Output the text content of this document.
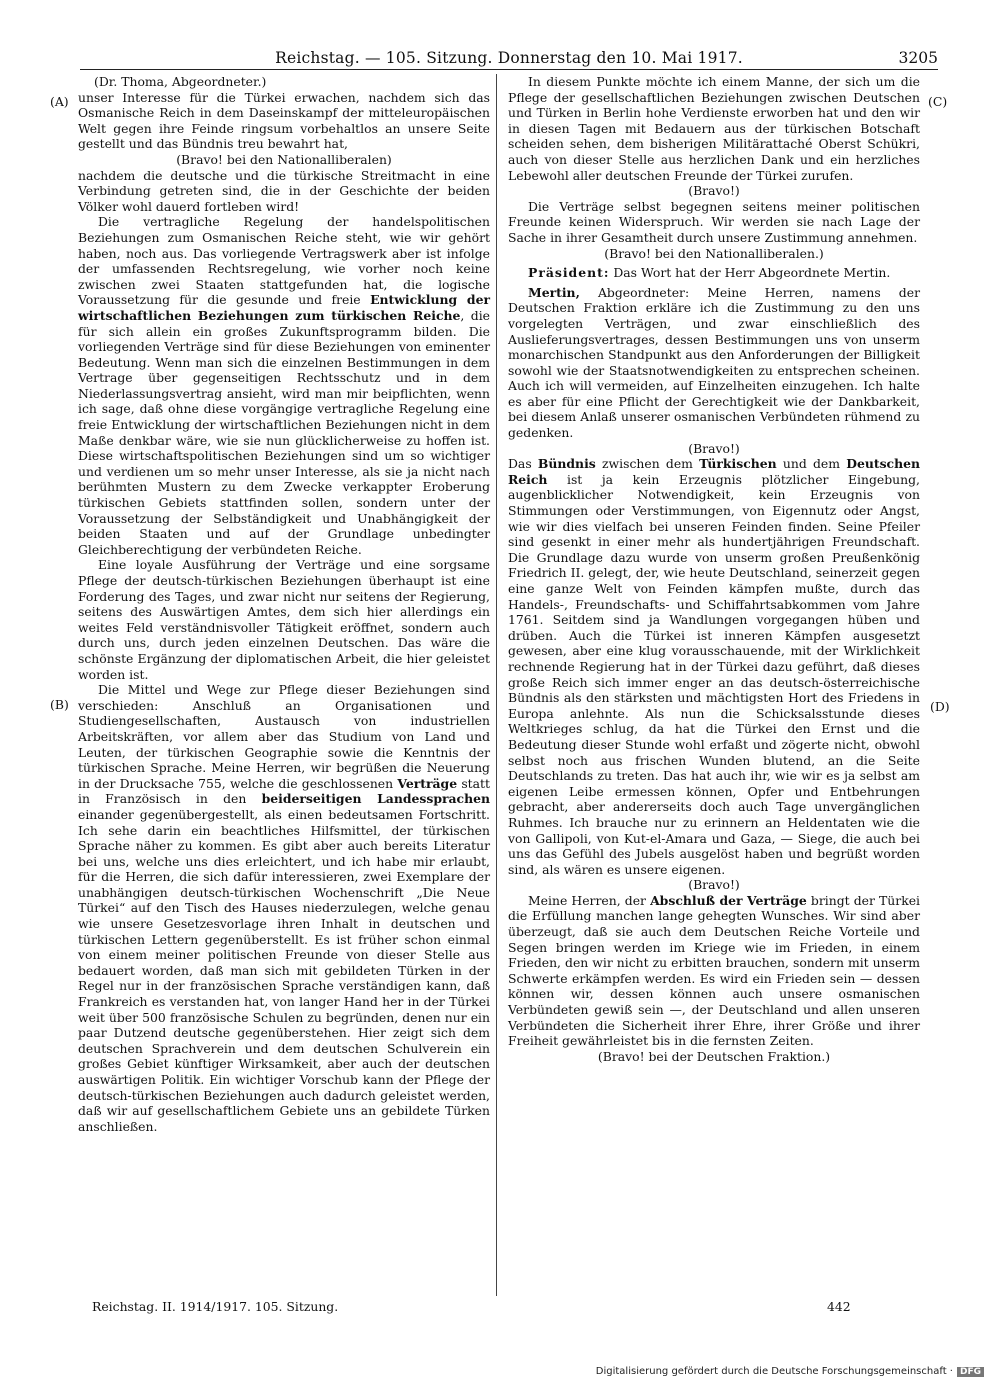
Reichstag. — 105. Sitzung. Donnerstag den 10. Mai 1917.	3205
(A)
(B)
(C)
(D)

(Dr. Thoma, Abgeordneter.)

unser Interesse für die Türkei erwachen, nachdem sich das Osmanische Reich in dem Daseinskampf der mitteleuropäischen Welt gegen ihre Feinde ringsum vorbehaltlos an unsere Seite gestellt und das Bündnis treu bewahrt hat,

(Bravo! bei den Nationalliberalen)

nachdem die deutsche und die türkische Streitmacht in eine Verbindung getreten sind, die in der Geschichte der beiden Völker wohl dauerd fortleben wird!

Die vertragliche Regelung der handelspolitischen Beziehungen zum Osmanischen Reiche steht, wie wir gehört haben, noch aus. Das vorliegende Vertragswerk aber ist infolge der umfassenden Rechtsregelung, wie vorher noch keine zwischen zwei Staaten stattgefunden hat, die logische Voraussetzung für die gesunde und freie Entwicklung der wirtschaftlichen Beziehungen zum türkischen Reiche, die für sich allein ein großes Zukunftsprogramm bilden. Die vorliegenden Verträge sind für diese Beziehungen von eminenter Bedeutung. Wenn man sich die einzelnen Bestimmungen in dem Vertrage über gegenseitigen Rechtsschutz und in dem Niederlassungsvertrag ansieht, wird man mir beipflichten, wenn ich sage, daß ohne diese vorgängige vertragliche Regelung eine freie Entwicklung der wirtschaftlichen Beziehungen nicht in dem Maße denkbar wäre, wie sie nun glücklicherweise zu hoffen ist. Diese wirtschaftspolitischen Beziehungen sind um so wichtiger und verdienen um so mehr unser Interesse, als sie ja nicht nach berühmten Mustern zu dem Zwecke verkappter Eroberung türkischen Gebiets stattfinden sollen, sondern unter der Voraussetzung der Selbständigkeit und Unabhängigkeit der beiden Staaten und auf der Grundlage unbedingter Gleichberechtigung der verbündeten Reiche.

Eine loyale Ausführung der Verträge und eine sorgsame Pflege der deutsch-türkischen Beziehungen überhaupt ist eine Forderung des Tages, und zwar nicht nur seitens der Regierung, seitens des Auswärtigen Amtes, dem sich hier allerdings ein weites Feld verständnisvoller Tätigkeit eröffnet, sondern auch durch uns, durch jeden einzelnen Deutschen. Das wäre die schönste Ergänzung der diplomatischen Arbeit, die hier geleistet worden ist.

Die Mittel und Wege zur Pflege dieser Beziehungen sind verschieden: Anschluß an Organisationen und Studiengesellschaften, Austausch von industriellen Arbeitskräften, vor allem aber das Studium von Land und Leuten, der türkischen Geographie sowie die Kenntnis der türkischen Sprache. Meine Herren, wir begrüßen die Neuerung in der Drucksache 755, welche die geschlossenen Verträge statt in Französisch in den beiderseitigen Landessprachen einander gegenübergestellt, als einen bedeutsamen Fortschritt. Ich sehe darin ein beachtliches Hilfsmittel, der türkischen Sprache näher zu kommen. Es gibt aber auch bereits Literatur bei uns, welche uns dies erleichtert, und ich habe mir erlaubt, für die Herren, die sich dafür interessieren, zwei Exemplare der unabhängigen deutsch-türkischen Wochenschrift „Die Neue Türkei“ auf den Tisch des Hauses niederzulegen, welche genau wie unsere Gesetzesvorlage ihren Inhalt in deutschen und türkischen Lettern gegenüberstellt. Es ist früher schon einmal von einem meiner politischen Freunde von dieser Stelle aus bedauert worden, daß man sich mit gebildeten Türken in der Regel nur in der französischen Sprache verständigen kann, daß Frankreich es verstanden hat, von langer Hand her in der Türkei weit über 500 französische Schulen zu begründen, denen nur ein paar Dutzend deutsche gegenüberstehen. Hier zeigt sich dem deutschen Sprachverein und dem deutschen Schulverein ein großes Gebiet künftiger Wirksamkeit, aber auch der deutschen auswärtigen Politik. Ein wichtiger Vorschub kann der Pflege der deutsch-türkischen Beziehungen auch dadurch geleistet werden, daß wir auf gesellschaftlichem Gebiete uns an gebildete Türken anschließen.

In diesem Punkte möchte ich einem Manne, der sich um die Pflege der gesellschaftlichen Beziehungen zwischen Deutschen und Türken in Berlin hohe Verdienste erworben hat und den wir in diesen Tagen mit Bedauern aus der türkischen Botschaft scheiden sehen, dem bisherigen Militärattaché Oberst Schükri, auch von dieser Stelle aus herzlichen Dank und ein herzliches Lebewohl aller deutschen Freunde der Türkei zurufen.

(Bravo!)

Die Verträge selbst begegnen seitens meiner politischen Freunde keinen Widerspruch. Wir werden sie nach Lage der Sache in ihrer Gesamtheit durch unsere Zustimmung annehmen.

(Bravo! bei den Nationalliberalen.)

Präsident: Das Wort hat der Herr Abgeordnete Mertin.

Mertin, Abgeordneter: Meine Herren, namens der Deutschen Fraktion erkläre ich die Zustimmung zu den uns vorgelegten Verträgen, und zwar einschließlich des Auslieferungsvertrages, dessen Bestimmungen uns von unserm monarchischen Standpunkt aus den Anforderungen der Billigkeit sowohl wie der Staatsnotwendigkeiten zu entsprechen scheinen. Auch ich will vermeiden, auf Einzelheiten einzugehen. Ich halte es aber für eine Pflicht der Gerechtigkeit wie der Dankbarkeit, bei diesem Anlaß unserer osmanischen Verbündeten rühmend zu gedenken.

(Bravo!)

Das Bündnis zwischen dem Türkischen und dem Deutschen Reich ist ja kein Erzeugnis plötzlicher Eingebung, augenblicklicher Notwendigkeit, kein Erzeugnis von Stimmungen oder Verstimmungen, von Eigennutz oder Angst, wie wir dies vielfach bei unseren Feinden finden. Seine Pfeiler sind gesenkt in einer mehr als hundertjährigen Freundschaft. Die Grundlage dazu wurde von unserm großen Preußenkönig Friedrich II. gelegt, der, wie heute Deutschland, seinerzeit gegen eine ganze Welt von Feinden kämpfen mußte, durch das Handels-, Freundschafts- und Schiffahrtsabkommen vom Jahre 1761. Seitdem sind ja Wandlungen vorgegangen hüben und drüben. Auch die Türkei ist inneren Kämpfen ausgesetzt gewesen, aber eine klug vorausschauende, mit der Wirklichkeit rechnende Regierung hat in der Türkei dazu geführt, daß dieses große Reich sich immer enger an das deutsch-österreichische Bündnis als den stärksten und mächtigsten Hort des Friedens in Europa anlehnte. Als nun die Schicksalsstunde dieses Weltkrieges schlug, da hat die Türkei den Ernst und die Bedeutung dieser Stunde wohl erfaßt und zögerte nicht, obwohl selbst noch aus frischen Wunden blutend, an die Seite Deutschlands zu treten. Das hat auch ihr, wie wir es ja selbst am eigenen Leibe ermessen können, Opfer und Entbehrungen gebracht, aber andererseits doch auch Tage unvergänglichen Ruhmes. Ich brauche nur zu erinnern an Heldentaten wie die von Gallipoli, von Kut-el-Amara und Gaza, — Siege, die auch bei uns das Gefühl des Jubels ausgelöst haben und begrüßt worden sind, als wären es unsere eigenen.

(Bravo!)

Meine Herren, der Abschluß der Verträge bringt der Türkei die Erfüllung manchen lange gehegten Wunsches. Wir sind aber überzeugt, daß sie auch dem Deutschen Reiche Vorteile und Segen bringen werden im Kriege wie im Frieden, in einem Frieden, den wir nicht zu erbitten brauchen, sondern mit unserm Schwerte erkämpfen werden. Es wird ein Frieden sein — dessen können wir, dessen können auch unsere osmanischen Verbündeten gewiß sein —, der Deutschland und allen unseren Verbündeten die Sicherheit ihrer Ehre, ihrer Größe und ihrer Freiheit gewährleistet bis in die fernsten Zeiten.

(Bravo! bei der Deutschen Fraktion.)

Reichstag. II. 1914/1917. 105. Sitzung.	442
Digitalisierung gefördert durch die Deutsche Forschungsgemeinschaft · DFG
